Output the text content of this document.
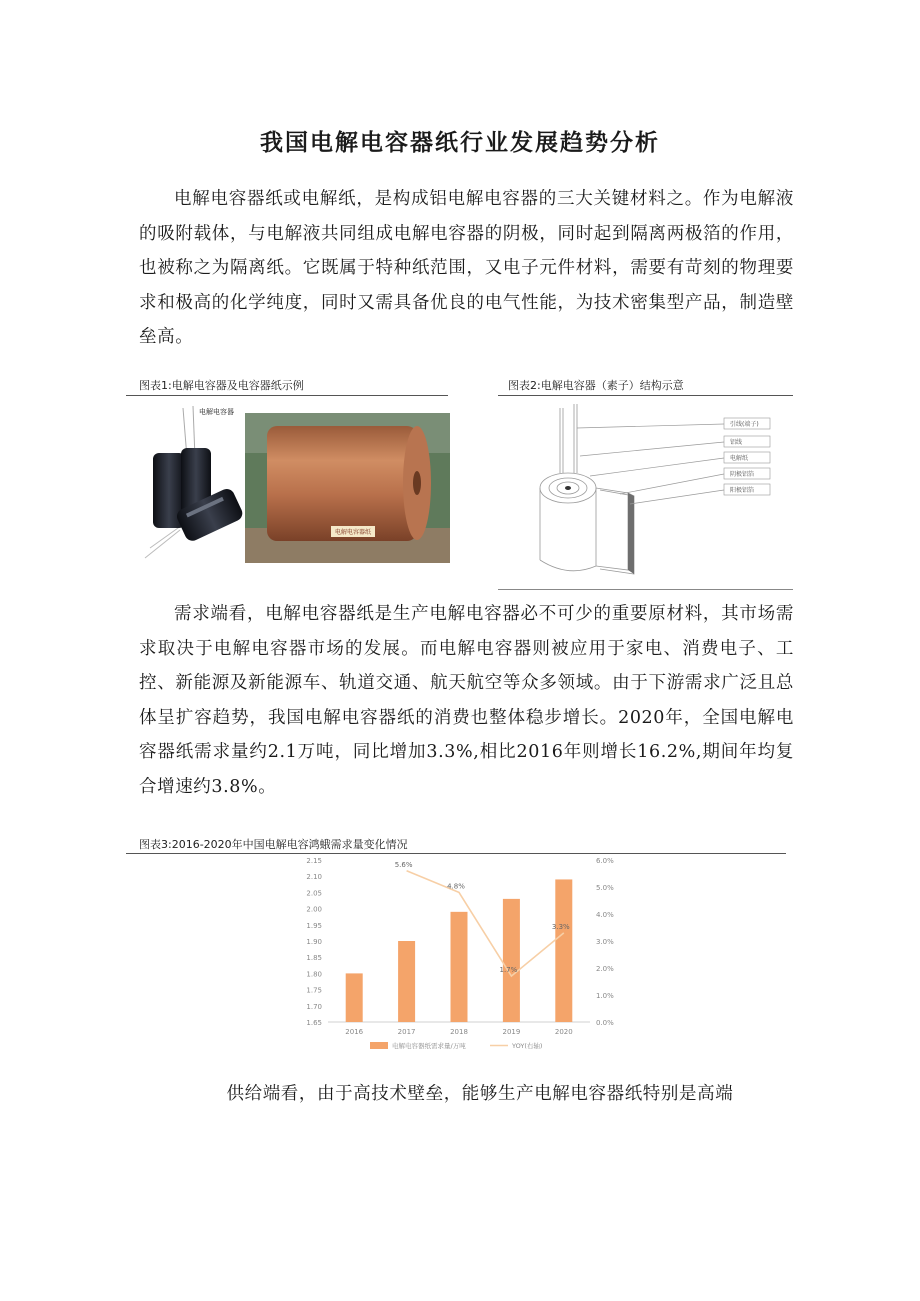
我国电解电容器纸行业发展趋势分析

电解电容器纸或电解纸，是构成铝电解电容器的三大关键材料之。作为电解液的吸附载体，与电解液共同组成电解电容器的阴极，同时起到隔离两极箔的作用，也被称之为隔离纸。它既属于特种纸范围，又电子元件材料，需要有苛刻的物理要求和极高的化学纯度，同时又需具备优良的电气性能，为技术密集型产品，制造壁垒高。

图表1:电解电容器及电容器纸示例
电解电容器
电解电容器纸
图表2:电解电容器（素子）结构示意
引线(端子)
铝线
电解纸
阴极铝箔
阳极铝箔

需求端看，电解电容器纸是生产电解电容器必不可少的重要原材料，其市场需求取决于电解电容器市场的发展。而电解电容器则被应用于家电、消费电子、工控、新能源及新能源车、轨道交通、航天航空等众多领域。由于下游需求广泛且总体呈扩容趋势，我国电解电容器纸的消费也整体稳步增长。2020年，全国电解电容器纸需求量约2.1万吨，同比增加3.3%,相比2016年则增长16.2%,期间年均复合增速约3.8%。

图表3:2016-2020年中国电解电容鸿蛾需求量变化情况
2.15
2.10
2.05
2.00
1.95
1.90
1.85
1.80
1.75
1.70
1.65
6.0%
5.0%
4.0%
3.0%
2.0%
1.0%
0.0%
2016	2017	2018	2019	2020
5.6%
4.8%
1.7%
3.3%
电解电容器纸需求量/万吨	YOY(右轴)

供给端看，由于高技术壁垒，能够生产电解电容器纸特别是高端
